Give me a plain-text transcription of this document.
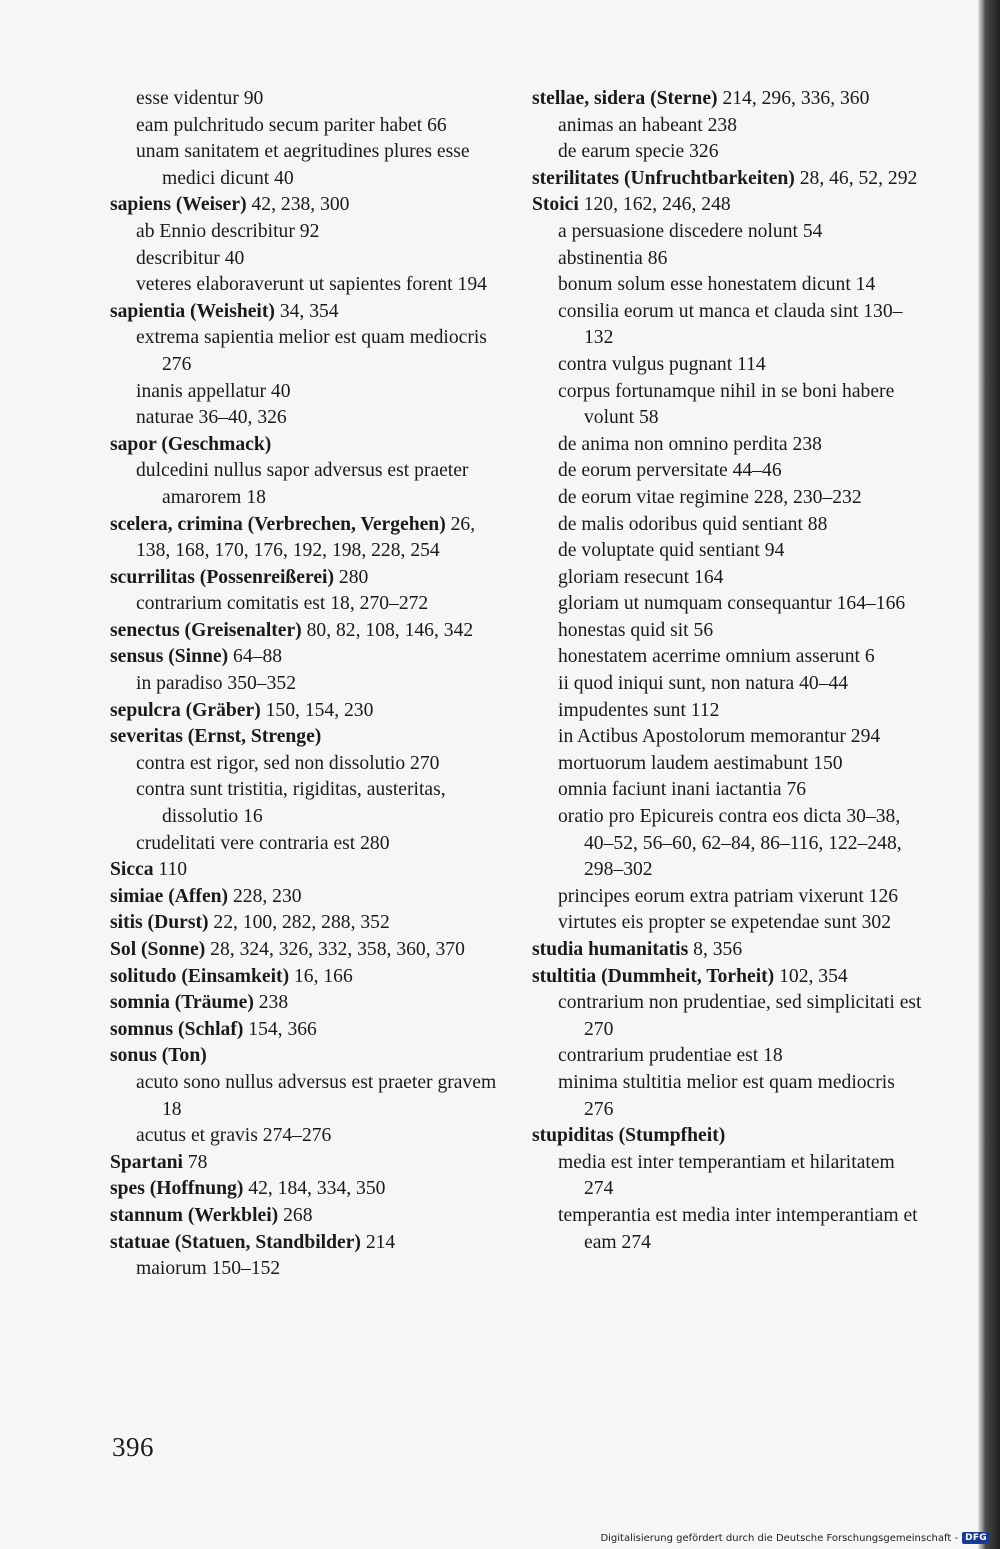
esse videntur 90
eam pulchritudo secum pariter habet 66
unam sanitatem et aegritudines plures esse medici dicunt 40
sapiens (Weiser) 42, 238, 300
ab Ennio describitur 92
describitur 40
veteres elaboraverunt ut sapientes forent 194
sapientia (Weisheit) 34, 354
extrema sapientia melior est quam mediocris 276
inanis appellatur 40
naturae 36–40, 326
sapor (Geschmack)
dulcedini nullus sapor adversus est praeter amarorem 18
scelera, crimina (Verbrechen, Vergehen) 26, 138, 168, 170, 176, 192, 198, 228, 254
scurrilitas (Possenreißerei) 280
contrarium comitatis est 18, 270–272
senectus (Greisenalter) 80, 82, 108, 146, 342
sensus (Sinne) 64–88
in paradiso 350–352
sepulcra (Gräber) 150, 154, 230
severitas (Ernst, Strenge)
contra est rigor, sed non dissolutio 270
contra sunt tristitia, rigiditas, austeritas, dissolutio 16
crudelitati vere contraria est 280
Sicca 110
simiae (Affen) 228, 230
sitis (Durst) 22, 100, 282, 288, 352
Sol (Sonne) 28, 324, 326, 332, 358, 360, 370
solitudo (Einsamkeit) 16, 166
somnia (Träume) 238
somnus (Schlaf) 154, 366
sonus (Ton)
acuto sono nullus adversus est praeter gravem 18
acutus et gravis 274–276
Spartani 78
spes (Hoffnung) 42, 184, 334, 350
stannum (Werkblei) 268
statuae (Statuen, Standbilder) 214
maiorum 150–152
stellae, sidera (Sterne) 214, 296, 336, 360
animas an habeant 238
de earum specie 326
sterilitates (Unfruchtbarkeiten) 28, 46, 52, 292
Stoici 120, 162, 246, 248
a persuasione discedere nolunt 54
abstinentia 86
bonum solum esse honestatem dicunt 14
consilia eorum ut manca et clauda sint 130–132
contra vulgus pugnant 114
corpus fortunamque nihil in se boni habere volunt 58
de anima non omnino perdita 238
de eorum perversitate 44–46
de eorum vitae regimine 228, 230–232
de malis odoribus quid sentiant 88
de voluptate quid sentiant 94
gloriam resecunt 164
gloriam ut numquam consequantur 164–166
honestas quid sit 56
honestatem acerrime omnium asserunt 6
ii quod iniqui sunt, non natura 40–44
impudentes sunt 112
in Actibus Apostolorum memorantur 294
mortuorum laudem aestimabunt 150
omnia faciunt inani iactantia 76
oratio pro Epicureis contra eos dicta 30–38, 40–52, 56–60, 62–84, 86–116, 122–248, 298–302
principes eorum extra patriam vixerunt 126
virtutes eis propter se expetendae sunt 302
studia humanitatis 8, 356
stultitia (Dummheit, Torheit) 102, 354
contrarium non prudentiae, sed simplicitati est 270
contrarium prudentiae est 18
minima stultitia melior est quam mediocris 276
stupiditas (Stumpfheit)
media est inter temperantiam et hilaritatem 274
temperantia est media inter intemperantiam et eam 274
396
Digitalisierung gefördert durch die Deutsche Forschungsgemeinschaft - DFG
